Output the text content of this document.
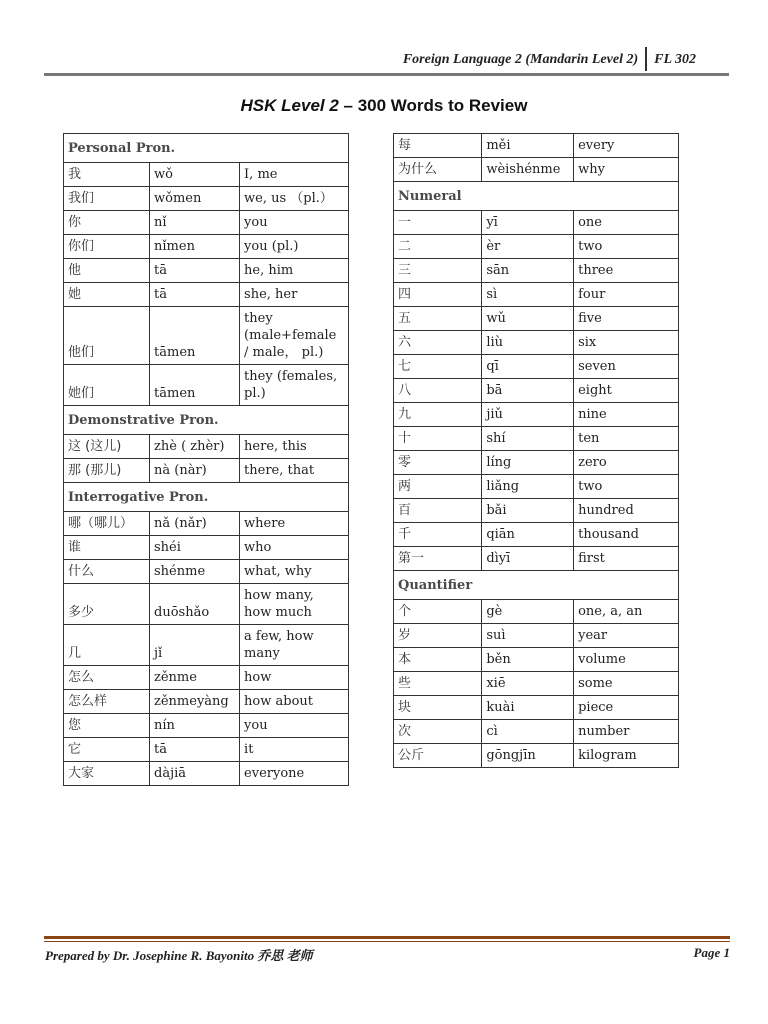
Foreign Language 2 (Mandarin Level 2)	FL 302
HSK Level 2 – 300 Words to Review
Personal Pron.		
我	wǒ	I, me
我们	wǒmen	we, us （pl.）
你	nǐ	you
你们	nǐmen	you (pl.)
他	tā	he, him
她	tā	she, her
他们	tāmen	they (male+female / male， pl.)
她们	tāmen	they (females, pl.)
Demonstrative Pron.		
这 (这儿)	zhè ( zhèr)	here, this
那 (那儿)	nà (nàr)	there, that
Interrogative Pron.		
哪（哪儿）	nǎ (nǎr)	where
谁	shéi	who
什么	shénme	what, why
多少	duōshǎo	how many, how much
几	jǐ	a few, how many
怎么	zěnme	how
怎么样	zěnmeyàng	how about
您	nín	you
它	tā	it
大家	dàjiā	everyone
每	měi	every
为什么	wèishénme	why
Numeral		
一	yī	one
二	èr	two
三	sān	three
四	sì	four
五	wǔ	five
六	liù	six
七	qī	seven
八	bā	eight
九	jiǔ	nine
十	shí	ten
零	líng	zero
两	liǎng	two
百	bǎi	hundred
千	qiān	thousand
第一	dìyī	first
Quantifier		
个	gè	one, a, an
岁	suì	year
本	běn	volume
些	xiē	some
块	kuài	piece
次	cì	number
公斤	gōngjīn	kilogram
Prepared by Dr. Josephine R. Bayonito 乔思 老师	Page 1
